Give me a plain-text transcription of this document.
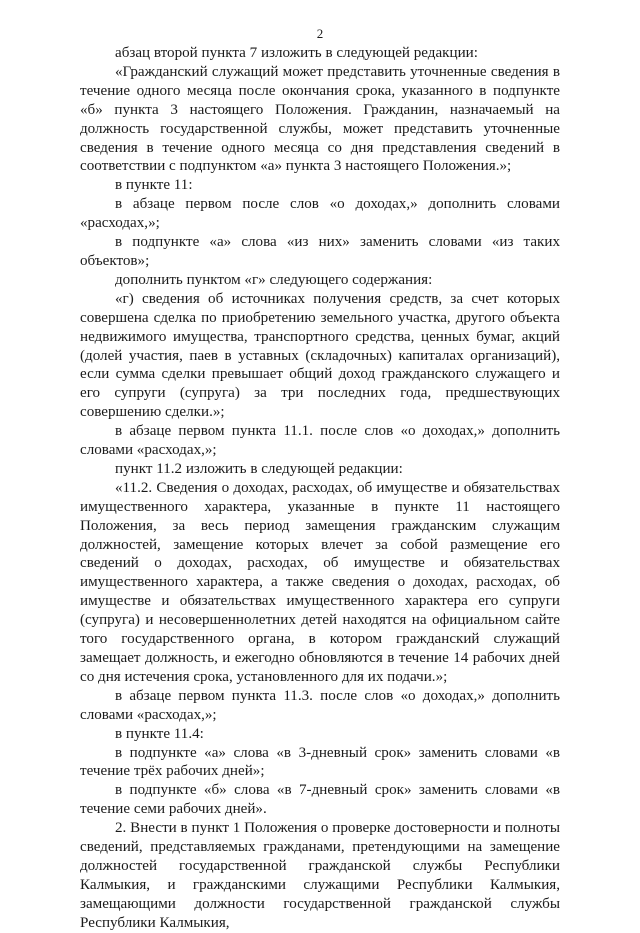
2

абзац второй пункта 7 изложить в следующей редакции:

«Гражданский служащий может представить уточненные сведения в течение одного месяца после окончания срока, указанного в подпункте «б» пункта 3 настоящего Положения. Гражданин, назначаемый на должность государственной службы, может представить уточненные сведения в течение одного месяца со дня представления сведений в соответствии с подпунктом «а» пункта 3 настоящего Положения.»;

в пункте 11:

в абзаце первом после слов «о доходах,» дополнить словами «расходах,»;

в подпункте «а» слова «из них» заменить словами «из таких объектов»;

дополнить пунктом «г» следующего содержания:

«г) сведения об источниках получения средств, за счет которых совершена сделка по приобретению земельного участка, другого объекта недвижимого имущества, транспортного средства, ценных бумаг, акций (долей участия, паев в уставных (складочных) капиталах организаций), если сумма сделки превышает общий доход гражданского служащего и его супруги (супруга) за три последних года, предшествующих совершению сделки.»;

в абзаце первом пункта 11.1. после слов «о доходах,» дополнить словами «расходах,»;

пункт 11.2 изложить в следующей редакции:

«11.2. Сведения о доходах, расходах, об имуществе и обязательствах имущественного характера, указанные в пункте 11 настоящего Положения, за весь период замещения гражданским служащим должностей, замещение которых влечет за собой размещение его сведений о доходах, расходах, об имуществе и обязательствах имущественного характера, а также сведения о доходах, расходах, об имуществе и обязательствах имущественного характера его супруги (супруга) и несовершеннолетних детей находятся на официальном сайте того государственного органа, в котором гражданский служащий замещает должность, и ежегодно обновляются в течение 14 рабочих дней со дня истечения срока, установленного для их подачи.»;

в абзаце первом пункта 11.3. после слов «о доходах,» дополнить словами «расходах,»;

в пункте 11.4:

в подпункте «а» слова «в 3-дневный срок» заменить словами «в течение трёх рабочих дней»;

в подпункте «б» слова «в 7-дневный срок» заменить словами «в течение семи рабочих дней».

2. Внести в пункт 1 Положения о проверке достоверности и полноты сведений, представляемых гражданами, претендующими на замещение должностей государственной гражданской службы Республики Калмыкия, и гражданскими служащими Республики Калмыкия, замещающими должности государственной гражданской службы Республики Калмыкия,
